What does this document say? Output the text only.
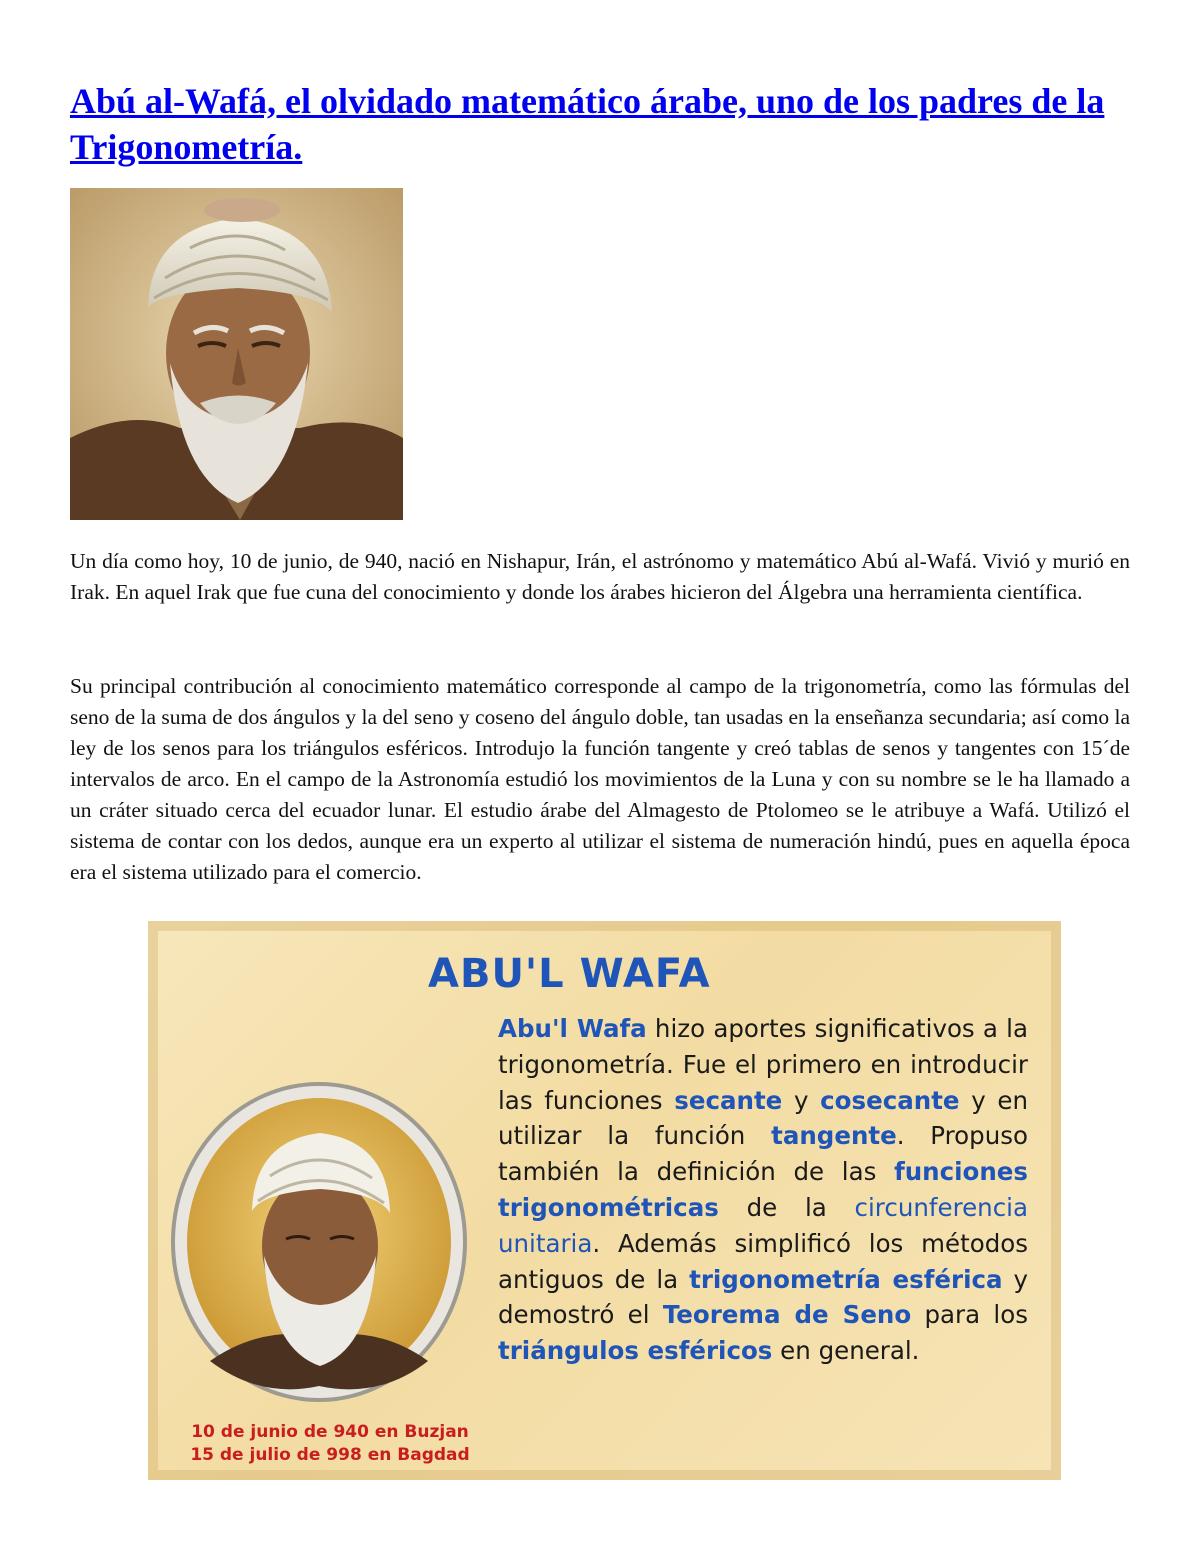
Abú al-Wafá, el olvidado matemático árabe, uno de los padres de la Trigonometría.

Un día como hoy, 10 de junio, de 940, nació en Nishapur, Irán, el astrónomo y matemático Abú al-Wafá. Vivió y murió en Irak. En aquel Irak que fue cuna del conocimiento y donde los árabes hicieron del Álgebra una herramienta científica.

Su principal contribución al conocimiento matemático corresponde al campo de la trigonometría, como las fórmulas del seno de la suma de dos ángulos y la del seno y coseno del ángulo doble, tan usadas en la enseñanza secundaria; así como la ley de los senos para los triángulos esféricos. Introdujo la función tangente y creó tablas de senos y tangentes con 15´de intervalos de arco. En el campo de la Astronomía estudió los movimientos de la Luna y con su nombre se le ha llamado a un cráter situado cerca del ecuador lunar. El estudio árabe del Almagesto de Ptolomeo se le atribuye a Wafá. Utilizó el sistema de contar con los dedos, aunque era un experto al utilizar el sistema de numeración hindú, pues en aquella época era el sistema utilizado para el comercio.

ABU'L WAFA

Abu'l Wafa hizo aportes significativos a la trigonometría. Fue el primero en introducir las funciones secante y cosecante y en utilizar la función tangente. Propuso también la definición de las funciones trigonométricas de la circunferencia unitaria. Además simplificó los métodos antiguos de la trigonometría esférica y demostró el Teorema de Seno para los triángulos esféricos en general.

10 de junio de 940 en Buzjan
15 de julio de 998 en Bagdad
